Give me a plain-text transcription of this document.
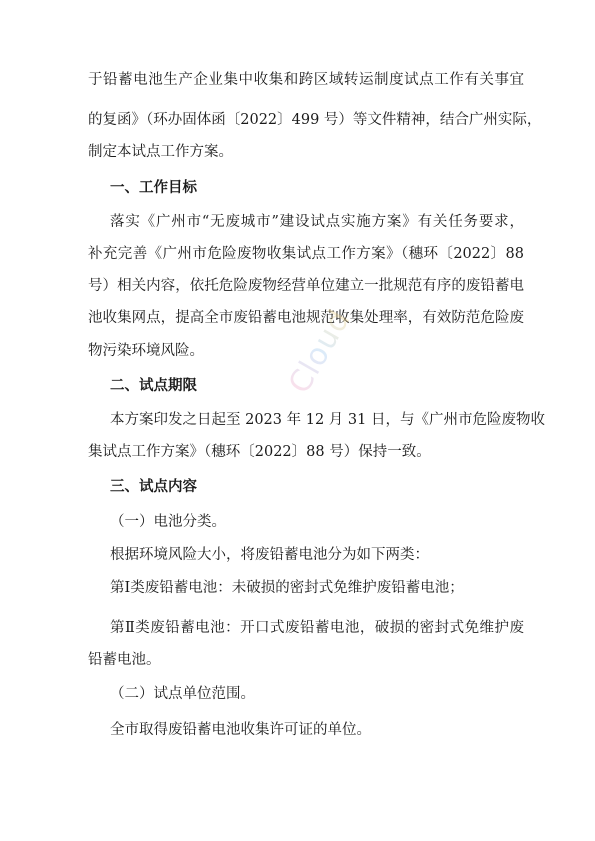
于铅蓄电池生产企业集中收集和跨区域转运制度试点工作有关事宜
的复函》（环办固体函〔2022〕499 号）等文件精神，结合广州实际，
制定本试点工作方案。
一、工作目标
落实《广州市“无废城市”建设试点实施方案》有关任务要求，
补充完善《广州市危险废物收集试点工作方案》（穗环〔2022〕88
号）相关内容，依托危险废物经营单位建立一批规范有序的废铅蓄电
池收集网点，提高全市废铅蓄电池规范收集处理率，有效防范危险废
物污染环境风险。
二、试点期限
本方案印发之日起至 2023 年 12 月 31 日，与《广州市危险废物收
集试点工作方案》（穗环〔2022〕88 号）保持一致。
三、试点内容
（一）电池分类。
根据环境风险大小，将废铅蓄电池分为如下两类：
第Ⅰ类废铅蓄电池：未破损的密封式免维护废铅蓄电池；
第Ⅱ类废铅蓄电池：开口式废铅蓄电池，破损的密封式免维护废
铅蓄电池。
（二）试点单位范围。
全市取得废铅蓄电池收集许可证的单位。
Cloud
